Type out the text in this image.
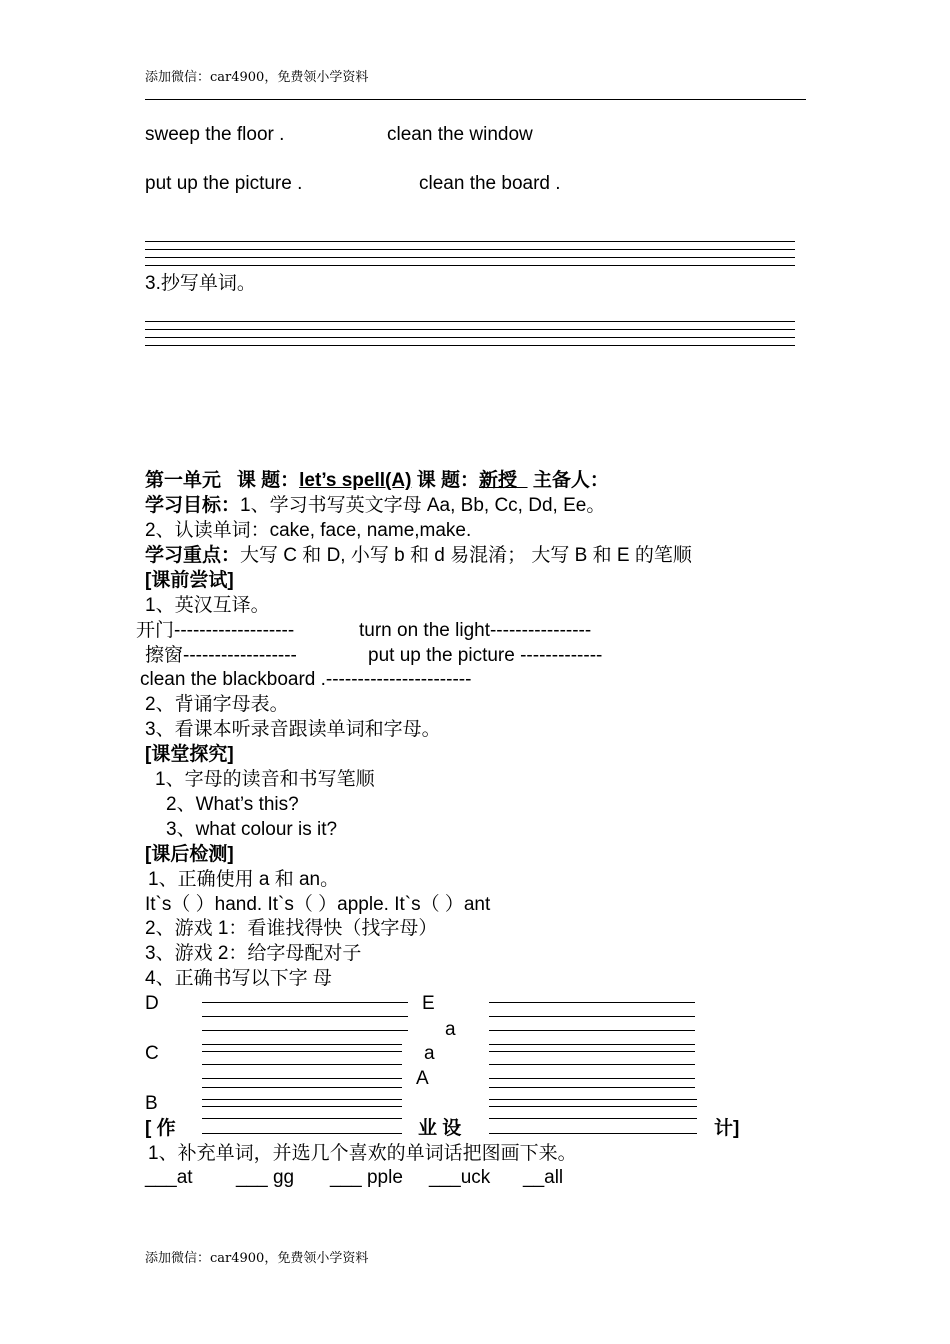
添加微信：car4900，免费领小学资料
sweep the floor .	clean the window
put up the picture .	clean the board .
3.抄写单词。
第一单元 课 题：let’s spell(A) 课 题：新授 主备人：
学习目标：1、学习书写英文字母 Aa, Bb, Cc, Dd, Ee。
2、认读单词：cake, face, name,make.
学习重点：大写 C 和 D, 小写 b 和 d 易混淆； 大写 B 和 E 的笔顺
[课前尝试]
1、英汉互译。
开门-------------------	turn on the light----------------
擦窗------------------	put up the picture -------------
clean the blackboard .-----------------------
2、背诵字母表。
3、看课本听录音跟读单词和字母。
[课堂探究]
1、字母的读音和书写笔顺
2、What’s this?
3、what colour is it?
[课后检测]
1、正确使用 a 和 an。
It`s（ ）hand. It`s（ ）apple. It`s（ ）ant
2、游戏 1：看谁找得快（找字母）
3、游戏 2：给字母配对子
4、正确书写以下字 母
D	E
a
C	a
A
B
[ 作	业 设	计]
1、补充单词，并选几个喜欢的单词话把图画下来。
___at ___ gg ___ pple ___uck __all
添加微信：car4900，免费领小学资料
